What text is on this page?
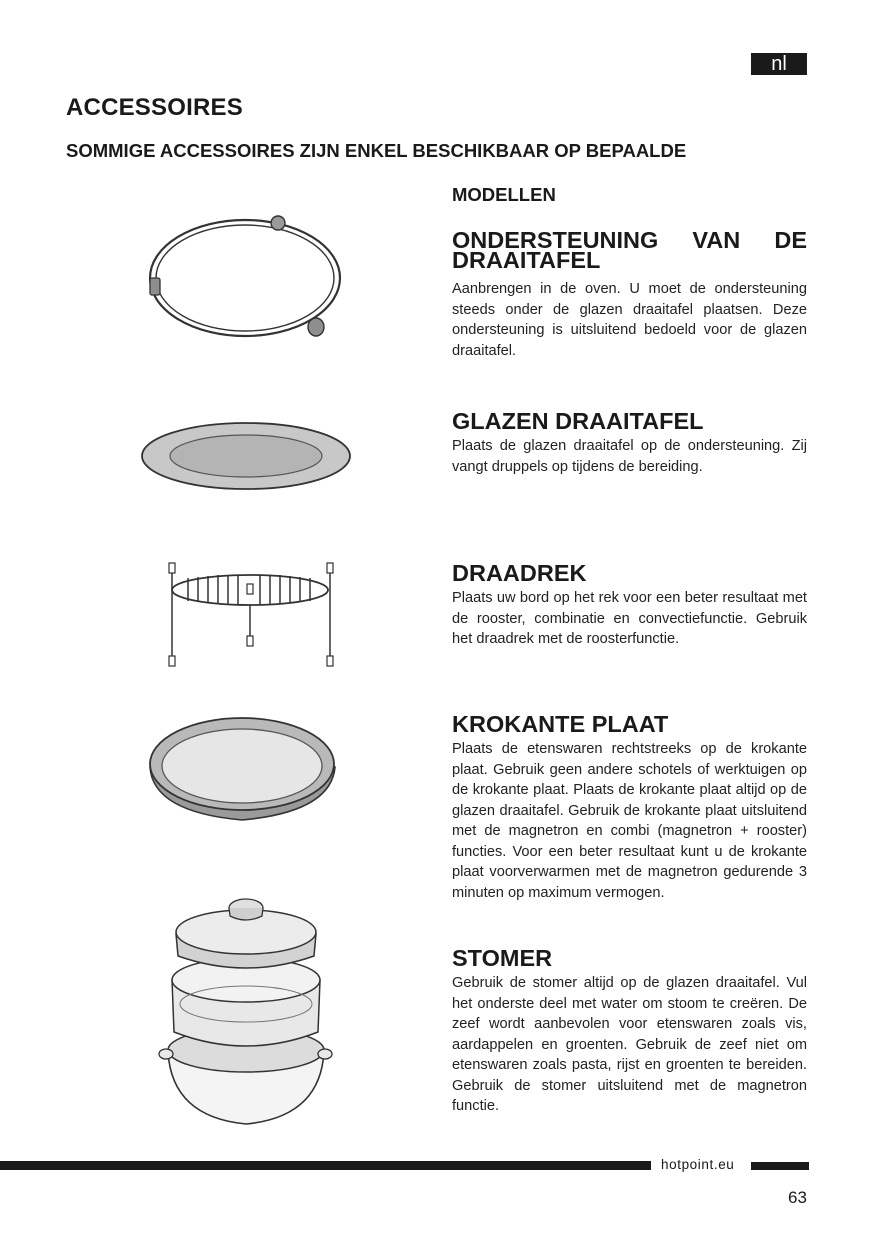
nl
ACCESSOIRES

SOMMIGE ACCESSOIRES ZIJN ENKEL BESCHIKBAAR OP BEPAALDE

MODELLEN

ONDERSTEUNING VAN DE DRAAITAFEL

Aanbrengen in de oven. U moet de ondersteuning steeds onder de glazen draaitafel plaatsen. Deze ondersteuning is uitsluitend bedoeld voor de glazen draaitafel.

GLAZEN DRAAITAFEL

Plaats de glazen draaitafel op de ondersteuning. Zij vangt druppels op tijdens de bereiding.

DRAADREK

Plaats uw bord op het rek voor een beter resultaat met de rooster, combinatie en convectiefunctie. Gebruik het draadrek met de roosterfunctie.

KROKANTE PLAAT

Plaats de etenswaren rechtstreeks op de krokante plaat. Gebruik geen andere schotels of werktuigen op de krokante plaat. Plaats de krokante plaat altijd op de glazen draaitafel. Gebruik de krokante plaat uitsluitend met de magnetron en combi (magnetron + rooster) functies. Voor een beter resultaat kunt u de krokante plaat voorverwarmen met de magnetron gedurende 3 minuten op maximum vermogen.

STOMER

Gebruik de stomer altijd op de glazen draaitafel. Vul het onderste deel met water om stoom te creëren. De zeef wordt aanbevolen voor etenswaren zoals vis, aardappelen en groenten. Gebruik de zeef niet om etenswaren zoals pasta, rijst en groenten te bereiden. Gebruik de stomer uitsluitend met de magnetron functie.

hotpoint.eu
63
